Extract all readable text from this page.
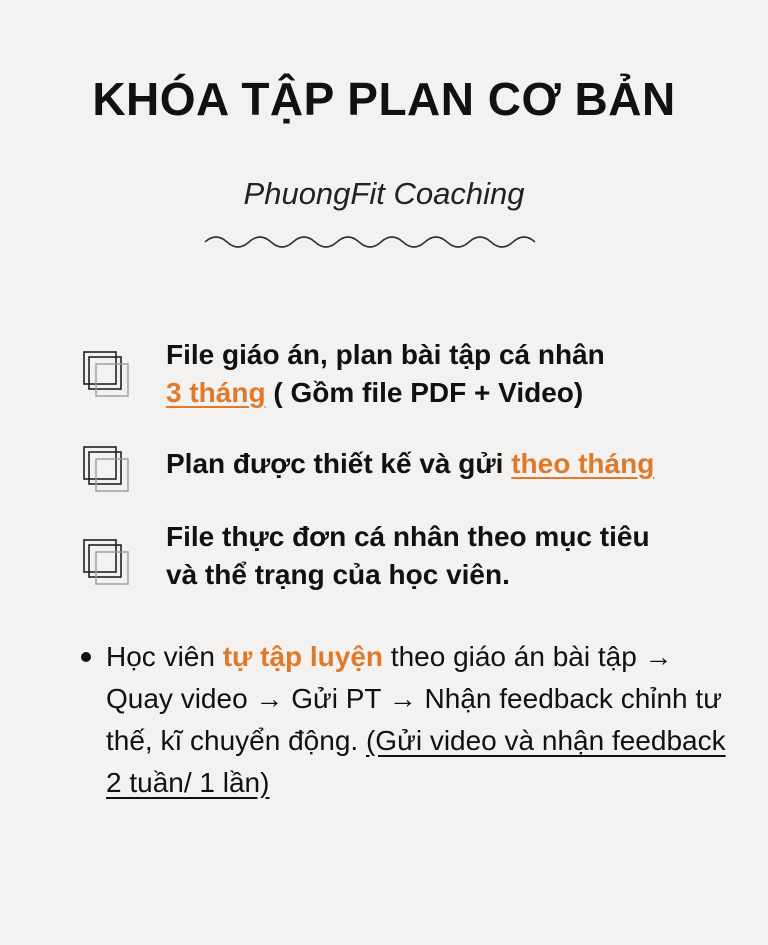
KHÓA TẬP PLAN CƠ BẢN
PhuongFit Coaching
File giáo án, plan bài tập cá nhân
3 tháng ( Gồm file PDF + Video)
Plan được thiết kế và gửi theo tháng
File thực đơn cá nhân theo mục tiêu
và thể trạng của học viên.
Học viên tự tập luyện theo giáo án bài tập → Quay video → Gửi PT → Nhận feedback chỉnh tư thế, kĩ chuyển động. (Gửi video và nhận feedback 2 tuần/ 1 lần)
